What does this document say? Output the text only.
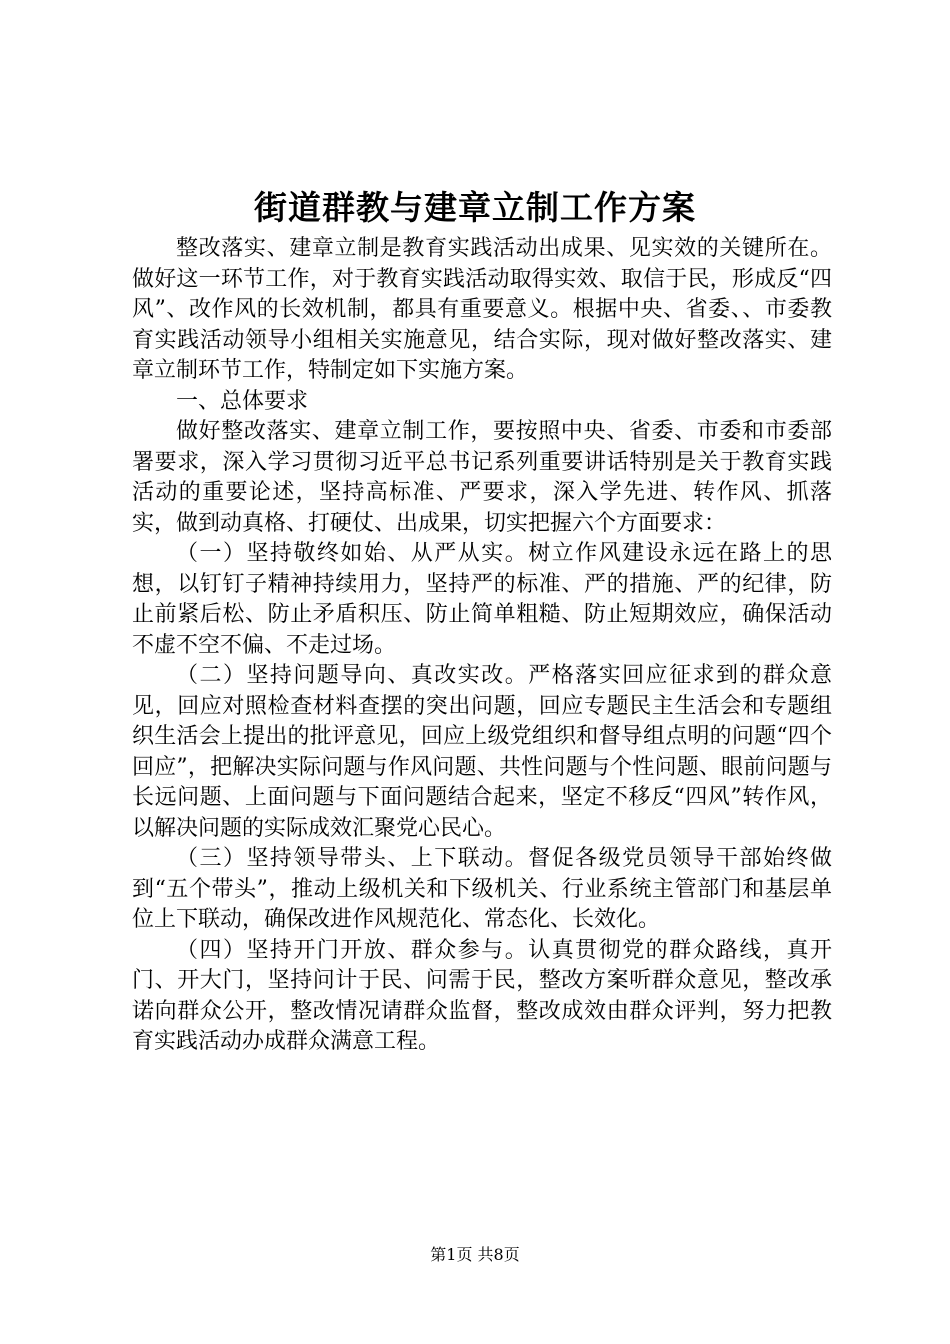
街道群教与建章立制工作方案

整改落实、建章立制是教育实践活动出成果、见实效的关键所在。做好这一环节工作，对于教育实践活动取得实效、取信于民，形成反“四风”、改作风的长效机制，都具有重要意义。根据中央、省委、、市委教育实践活动领导小组相关实施意见，结合实际，现对做好整改落实、建章立制环节工作，特制定如下实施方案。

一、总体要求

做好整改落实、建章立制工作，要按照中央、省委、市委和市委部署要求，深入学习贯彻习近平总书记系列重要讲话特别是关于教育实践活动的重要论述，坚持高标准、严要求，深入学先进、转作风、抓落实，做到动真格、打硬仗、出成果，切实把握六个方面要求：

（一）坚持敬终如始、从严从实。树立作风建设永远在路上的思想，以钉钉子精神持续用力，坚持严的标准、严的措施、严的纪律，防止前紧后松、防止矛盾积压、防止简单粗糙、防止短期效应，确保活动不虚不空不偏、不走过场。

（二）坚持问题导向、真改实改。严格落实回应征求到的群众意见，回应对照检查材料查摆的突出问题，回应专题民主生活会和专题组织生活会上提出的批评意见，回应上级党组织和督导组点明的问题“四个回应”，把解决实际问题与作风问题、共性问题与个性问题、眼前问题与长远问题、上面问题与下面问题结合起来，坚定不移反“四风”转作风，以解决问题的实际成效汇聚党心民心。

（三）坚持领导带头、上下联动。督促各级党员领导干部始终做到“五个带头”，推动上级机关和下级机关、行业系统主管部门和基层单位上下联动，确保改进作风规范化、常态化、长效化。

（四）坚持开门开放、群众参与。认真贯彻党的群众路线，真开门、开大门，坚持问计于民、问需于民，整改方案听群众意见，整改承诺向群众公开，整改情况请群众监督，整改成效由群众评判，努力把教育实践活动办成群众满意工程。

第1页 共8页
